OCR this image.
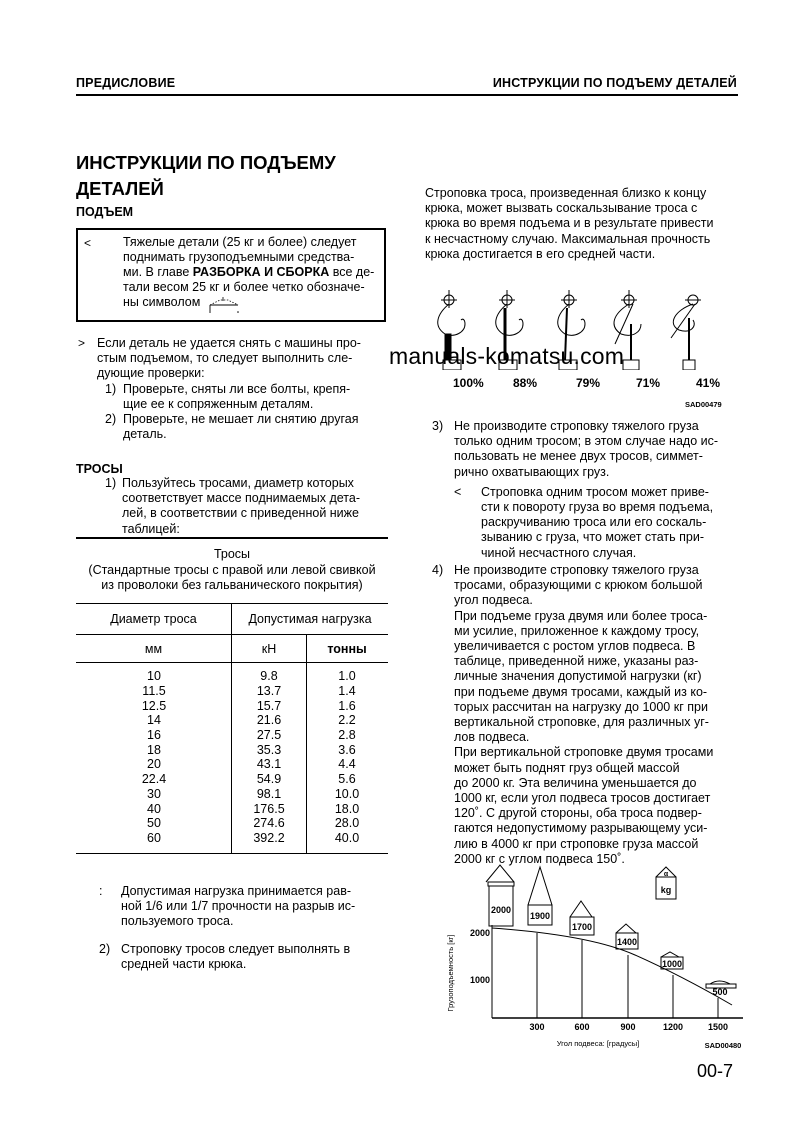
ПРЕДИСЛОВИЕ	ИНСТРУКЦИИ ПО ПОДЪЕМУ ДЕТАЛЕЙ
ИНСТРУКЦИИ ПО ПОДЪЕМУ
ДЕТАЛЕЙ
ПОДЪЕМ
<	Тяжелые детали (25 кг и более) следует
поднимать грузоподъемными средства-
ми. В главе РАЗБОРКА И СБОРКА все де-
тали весом 25 кг и более четко обозначе-
ны символом
> Если деталь не удается снять с машины про-
стым подъемом, то следует выполнить сле-
дующие проверки:
1) Проверьте, сняты ли все болты, крепя-
щие ее к сопряженным деталям.
2) Проверьте, не мешает ли снятию другая
деталь.
ТРОСЫ
1) Пользуйтесь тросами, диаметр которых
соответствует массе поднимаемых дета-
лей, в соответствии с приведенной ниже
таблицей:
Тросы
(Стандартные тросы с правой или левой свивкой
из проволоки без гальванического покрытия)
Диаметр троса	Допустимая нагрузка
мм	кН	тонны
10	9.8	1.0
11.5	13.7	1.4
12.5	15.7	1.6
14	21.6	2.2
16	27.5	2.8
18	35.3	3.6
20	43.1	4.4
22.4	54.9	5.6
30	98.1	10.0
40	176.5	18.0
50	274.6	28.0
60	392.2	40.0
: Допустимая нагрузка принимается рав-
ной 1/6 или 1/7 прочности на разрыв ис-
пользуемого троса.
2) Строповку тросов следует выполнять в
средней части крюка.
Строповка троса, произведенная близко к концу
крюка, может вызвать соскальзывание троса с
крюка во время подъема и в результате привести
к несчастному случаю. Максимальная прочность
крюка достигается в его средней части.
100% 88%	79%	71%	41%
SAD00479
manuals-komatsu.com
3) Не производите строповку тяжелого груза
только одним тросом; в этом случае надо ис-
пользовать не менее двух тросов, симмет-
рично охватывающих груз.
< Строповка одним тросом может приве-
сти к повороту груза во время подъема,
раскручиванию троса или его соскаль-
зыванию с груза, что может стать при-
чиной несчастного случая.
4) Не производите строповку тяжелого груза
тросами, образующими с крюком большой
угол подвеса.
При подъеме груза двумя или более троса-
ми усилие, приложенное к каждому тросу,
увеличивается с ростом углов подвеса. В
таблице, приведенной ниже, указаны раз-
личные значения допустимой нагрузки (кг)
при подъеме двумя тросами, каждый из ко-
торых рассчитан на нагрузку до 1000 кг при
вертикальной строповке, для различных уг-
лов подвеса.
При вертикальной строповке двумя тросами
может быть поднят груз общей массой
до 2000 кг. Эта величина уменьшается до
1000 кг, если угол подвеса тросов достигает
120˚. С другой стороны, оба троса подвер-
гаются недопустимому разрывающему уси-
лию в 4000 кг при строповке груза массой
2000 кг с углом подвеса 150˚.
2000
1900
1700
1400
1000
500
α
kg
2000
1000
300	600	900	1200	1500
Угол подвеса: [градусы]	SAD00480
Грузоподъемность [кг]
00-7
